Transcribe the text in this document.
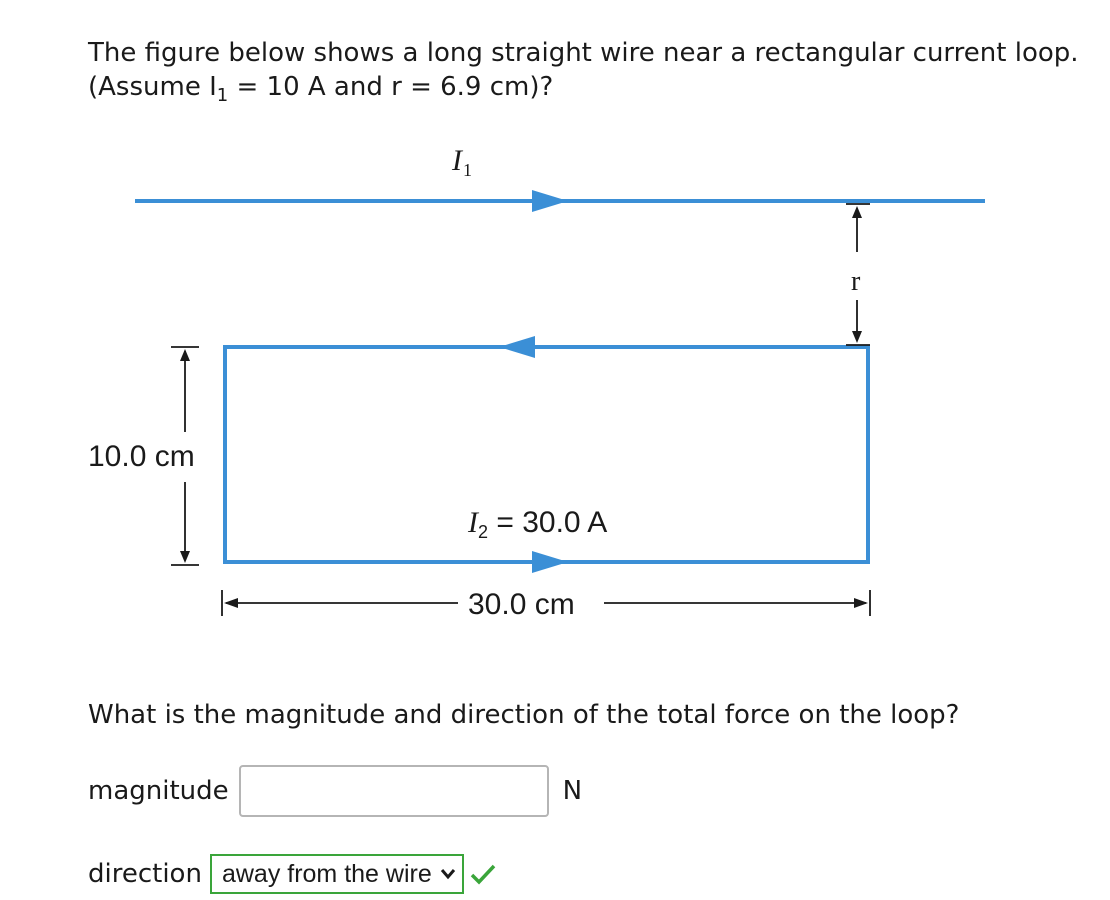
The figure below shows a long straight wire near a rectangular current loop.
(Assume $I_1 = 10$ A and r = 6.9 cm)?
$I_1$
r
10.0 cm
$I_2 = 30.0$ A
30.0 cm
What is the magnitude and direction of the total force on the loop?
magnitude	N
direction away from the wire
